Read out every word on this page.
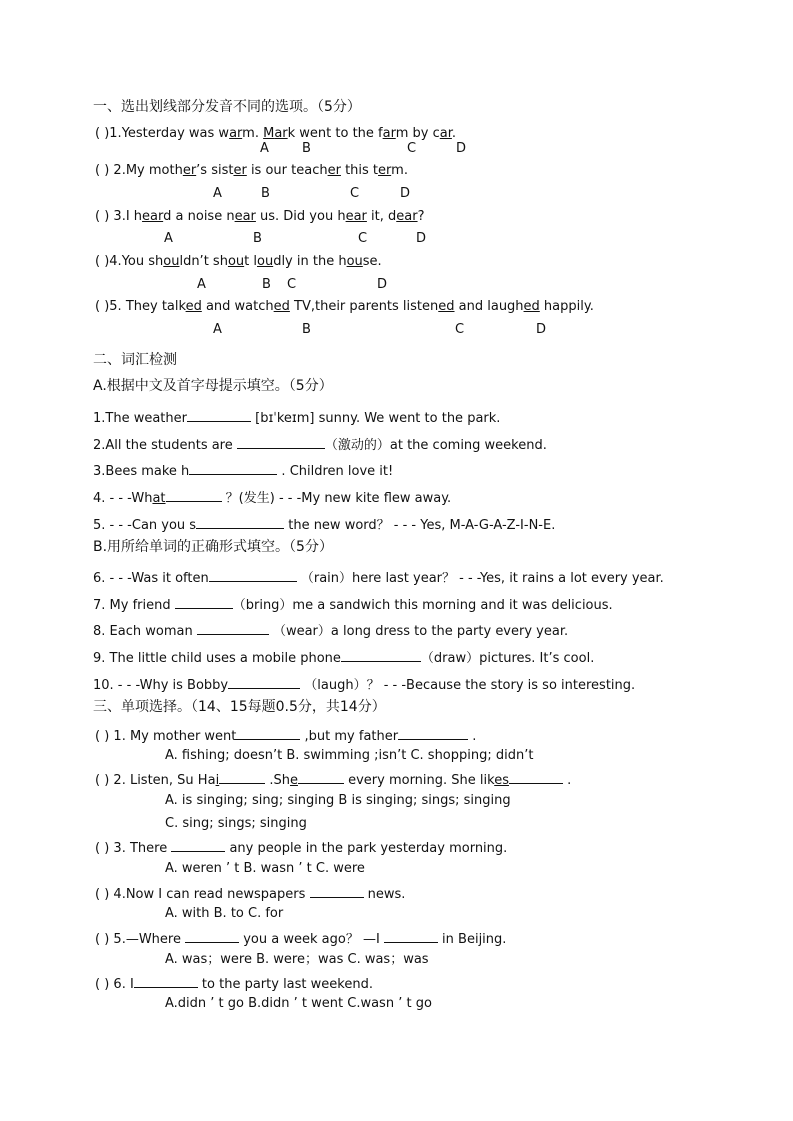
一、选出划线部分发音不同的选项。（5分）
( )1.Yesterday was warm. Mark went to the farm by car.
A	B	C	D
( ) 2.My mother’s sister is our teacher this term.
A	B	C	D
( ) 3.I heard a noise near us. Did you hear it, dear?
A	B	C	D
( )4.You shouldn’t shout loudly in the house.
A	B C	D
( )5. They talked and watched TV,their parents listened and laughed happily.
A	B	C	D
二、词汇检测
A.根据中文及首字母提示填空。（5分）
1.The weather	[bɪˈkeɪm] sunny. We went to the park.
2.All the students are	（激动的）at the coming weekend.
3.Bees make h	. Children love it!
4. - - -What	？(发生) - - -My new kite flew away.
5. - - -Can you s	the new word？ - - - Yes, M-A-G-A-Z-I-N-E.
B.用所给单词的正确形式填空。（5分）
6. - - -Was it often	（rain）here last year？ - - -Yes, it rains a lot every year.
7. My friend	（bring）me a sandwich this morning and it was delicious.
8. Each woman	（wear）a long dress to the party every year.
9. The little child uses a mobile phone	（draw）pictures. It’s cool.
10. - - -Why is Bobby	（laugh）？ - - -Because the story is so interesting.
三、单项选择。（14、15每题0.5分，共14分）
( ) 1. My mother went	,but my father	.
A. fishing; doesn’t B. swimming ;isn’t C. shopping; didn’t
( ) 2. Listen, Su Hai	.She	every morning. She likes	.
A. is singing; sing; singing B is singing; sings; singing
C. sing; sings; singing
( ) 3. There	any people in the park yesterday morning.
A. weren ’ t B. wasn ’ t C. were
( ) 4.Now I can read newspapers	news.
A. with B. to C. for
( ) 5.—Where	you a week ago？ —I	in Beijing.
A. was；were B. were；was C. was；was
( ) 6. I	to the party last weekend.
A.didn ’ t go B.didn ’ t went C.wasn ’ t go
